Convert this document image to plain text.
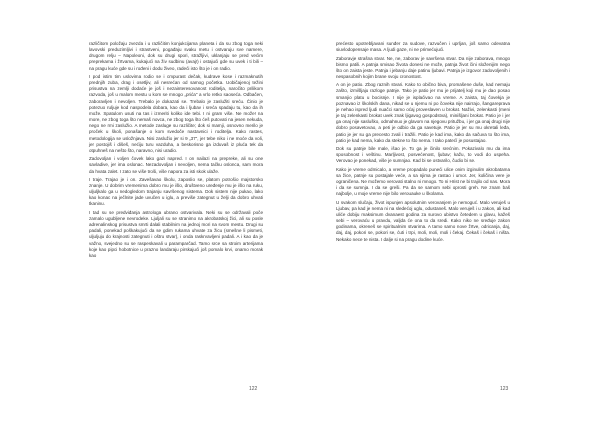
različitom položaju zvezda i u različitim konjukcijama planeta i da su zbog toga neki lavovski preduzimljivi i strastveni, pogađaju svaku metu i ostvaruju sve namere, drugom relju – Napoleoni, dok su drugi spori, stražljivi, uklanjaju se pred većim preprekama i žrtvama, kukajući na živ sudbinu (avaj!) i ostajući gde su uvek i ti bili – na pragu kuće gde su i rođeni i dodu živeo, radeći isto što je i on radio.

I pod istim tim uslovima rodio se i cmpurast dečak, kudrave kose i razmaknutih prednjih zuba, drag i osetljiv, ali nesrećan od samog početka. Uobičajenoj težini prisustva na zemlji dodaće je još i nezainteresovanost roditelja, naročito prilikom razvoda, još u malom mestu u kom se mnogo „prića" a vrlo retko saoseća. Odbačen, zaboravljen i nevoljen. Trebalo je dokazati se. Trebalo je zaslužiti sreću. Činio je potezuo ruljuje kod naspodela dobara, kao da i ljubav i sreća spadaju tu, kao da ih može. Spatulom usuti na tas i izmeriti koliko ide tebi. I ni gram više. Ne može! na more, ne zbog toga što nemaš novca, ne zbog toga što ćeš putovati na jesen nekuda, nego ne rmi zaslužio. A metode zasluge su različite; dok si mamji, osnovno merilo je proček u školi, ponašanje o kom svedoče nastavnici i roditelja. Kako rastes, metodologija se usložnjava. Nisi zaslužio jer si 9 „37", jer tebe niko i ne moće da voli, jer postojiš i dišeš, nećiju turu vazduha, a beskorisno ga izduvaš iz pluća tek da otpuhneš na nešto što, naravno, nisi uradio.

Zadovoljan i voljen čovek lako gazi napred. I on nailazi na prepreke, ali su one savladive, jer ima oslonac. Nezadovoljan i nevoljen, nema tačku oslonca, sam mora da hvata zalet. I zato se više troši, više napora za isti skok ulaže.

I traje. Trajao je i on. Zavešavao školu, zaposlio se, platom potrošio majstorsko znanje. U dobrim vremenima dobro mu je išlo, društveno uređenje mu je išlo na ruku, uljuljkalo ga u nedogledom trajanju savršenog sistema. Dok sistem nije pukao, lako kao konac na ječlnite jade uvučen u iglu, a previše zategnut u želji da dobro uhvati tkaninu.

I tad su se predviđanja astrologa ubrano ostvarivala. Neki su se održavali poče zamalo ugubljene nevrodeke. Ljuljali su se stranimo na akrobatskoj žici, ali su posle adrenalinskog prisustva smrti dalali stabilnim na jednoj mori na svom mestu. Drugi su padali, ponekad poškakujući da se gdim rukama uhvate za žicu (smešne li pismeti, uljuljuju do krajnosti zategnuti i oštru stvar), i onda raskrvavljeni padali. A i kao da je važno, svejedno su se raspeskavali u paramparčad. Tamo srce sa stroim arterijama koje kao pipci hobotnice u prazno landaraju pirskajući još pomalo krvi, onamo morak kao

122

prećesto upotrebljavani sunđer za sudove, razvučen i uprljan, još samo odevatna siuvlodopensaje masa. A ljudi gaze, ni ne primećujući.

Zaboravje strašna stvar. Ne, ne, zaborav je savršena stvar. Da nije zaborava, mnogo bismo patili. A patnja smisao života donesi ne može, patnja život čini složenijim nego što on zaista jeste. Patnja i jebanju daje patinu ljubavi. Patnja je izgovor zadovoljenih i nespasobnih kojim brane svoju cronostost.

A on je patio. Zbog raznih stvari. Kako to obično biva, promašene duše, kad nemaju zašto, izmišljaju razloge patnje. Tako je patio jer mu je prijatelj koji mu je dao posao smanjio platu u bocisnje. I nije je isplaćivao na vreme. A zaista, taj čovekja je poznavao iz školskih dana, nikad se u njemu ni po čoveka nije nairrajo, šangareprava je nehao ispred ljudi nuačci samo oćaj proveslaven u brokat. Naživi, zelenkasti (meni je taj zelenkasti brokat uvek znak ljigavog gospodstva), minišljani brokat. Patio je i jer ga onaj nije sasluško, odmahnuo je glavom na njegovu pritužbu, i jer ga onaj drugi nije dobro posavetovao, a peti je odbio da ga savetuje. Patio je jer su mu okretali leđa, patio je jer su ga precesto zvali i tražili. Patio je kad ima, kako da sačuva to što ima, patio je kad nema, kako da stekne to što nema. I tako patećí je posustajao.

Dok su patnje bile male, išao je. To ga je činilo srećnim. Pokazivalo mu da ima sposobnost i veštinu. Marljivost, posvećenost, ljubav; kažu, to vodi do uspeha. Verovao je ponekad, više je sumnjao. Kad bi se ostvarilo, čudio bi se.

Kako je vreme odmicalo, a vreme propadalo puneći ulice onim izginulim akrobatama sa žice, patnje su postajale veće, a sa njima je rastao i umor. Jer, količina vere je ograničena. Ne možemo verovati stalno ni mnogo. To ni Hrist ne bi trajilo od nas. Mora i da se sumnja. I da se greši. Pa da se samom sebi oprosti greh. Ne znam baš najbolje, u moje vreme nije bilo verouauke u školama.

U svakom slučaju, život ispunjen apsolutnim verovanjem je nemoguć. Malo veruješ u Ljubav, pa kad je nema ni na sledećoj uglu, odustaneš. Malo veruješ i u zakon, ali kad uliće dobiju maksimum dvanaest godina za surovo ubistvo četedem u glavu, kažeš sebi – verovaću u pravdu, valjda će ona to da sredi. Kako niko ne sređuje zakon godinama, okreneš se spiritualnim stvarima. A tamo samo nove žrtve, odricanja, daj, daj, daj, pokori se, pokori se, ćuti i trpi, moli, moli, moli i čekaj. Čekaš i čekaš i ništa. Nekako nece te nista. I dalje si na pragu dodine kuće.

123
